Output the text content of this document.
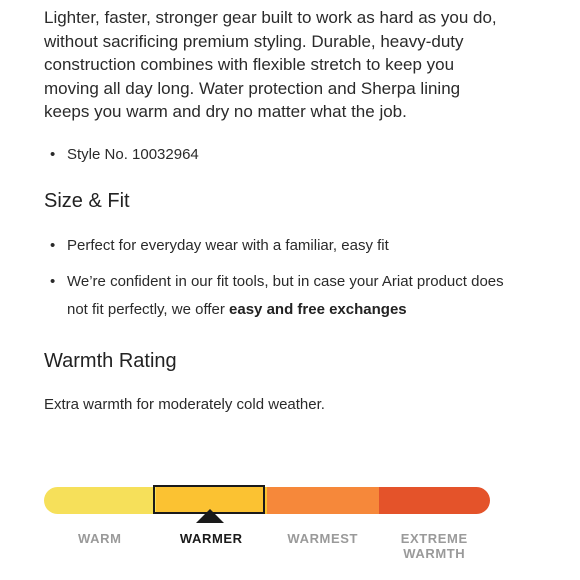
Lighter, faster, stronger gear built to work as hard as you do, without sacrificing premium styling. Durable, heavy-duty construction combines with flexible stretch to keep you moving all day long. Water protection and Sherpa lining keeps you warm and dry no matter what the job.

• Style No. 10032964
Size & Fit
• Perfect for everyday wear with a familiar, easy fit
• We’re confident in our fit tools, but in case your Ariat product does not fit perfectly, we offer easy and free exchanges
Warmth Rating

Extra warmth for moderately cold weather.

WARM	WARMER	WARMEST	EXTREME
WARMTH
